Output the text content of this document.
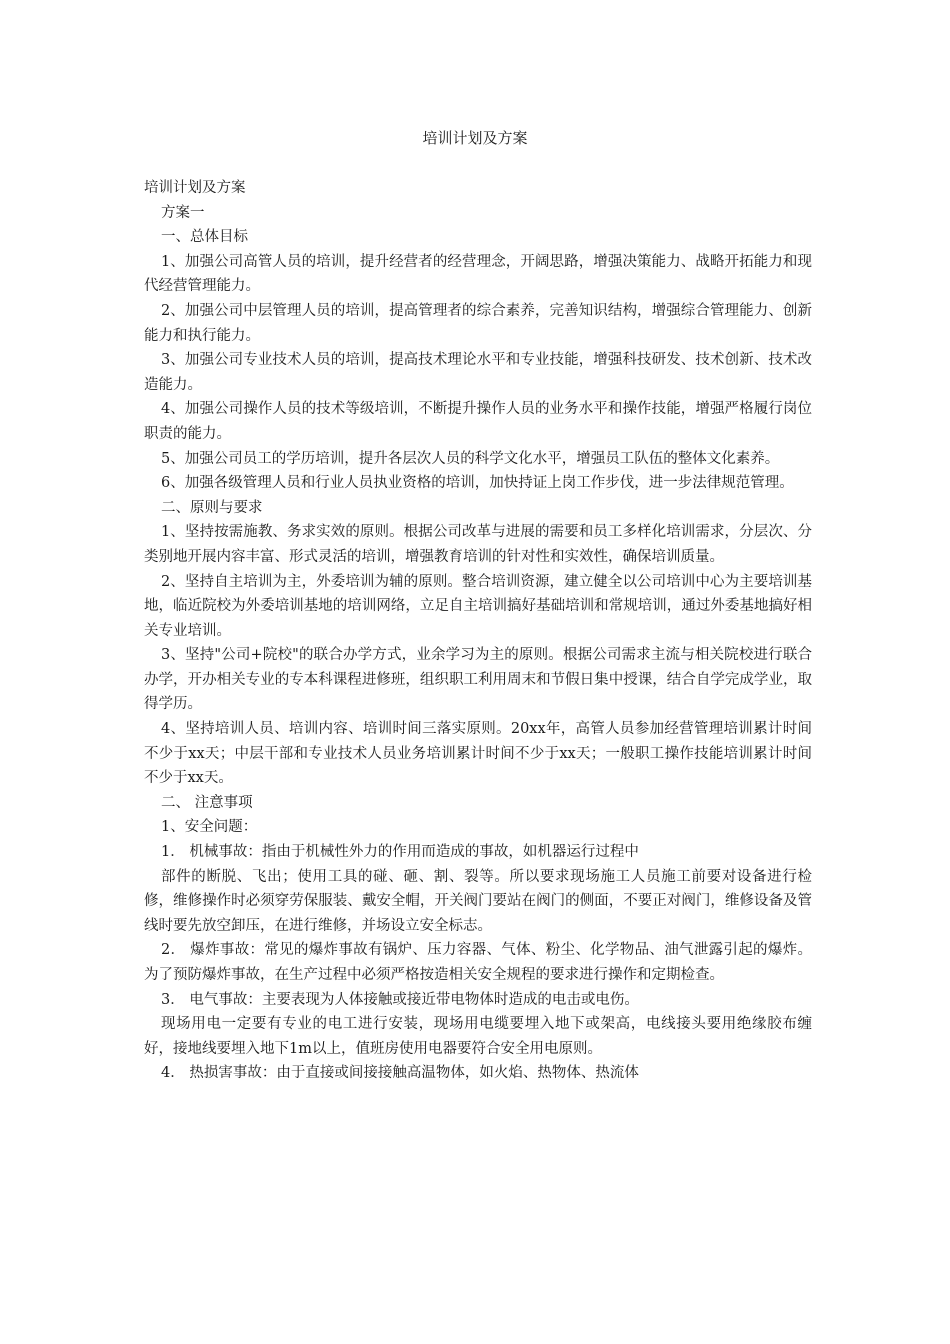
培训计划及方案

培训计划及方案

方案一

一、总体目标

1、加强公司高管人员的培训，提升经营者的经营理念，开阔思路，增强决策能力、战略开拓能力和现代经营管理能力。

2、加强公司中层管理人员的培训，提高管理者的综合素养，完善知识结构，增强综合管理能力、创新能力和执行能力。

3、加强公司专业技术人员的培训，提高技术理论水平和专业技能，增强科技研发、技术创新、技术改造能力。

4、加强公司操作人员的技术等级培训，不断提升操作人员的业务水平和操作技能，增强严格履行岗位职责的能力。

5、加强公司员工的学历培训，提升各层次人员的科学文化水平，增强员工队伍的整体文化素养。

6、加强各级管理人员和行业人员执业资格的培训，加快持证上岗工作步伐，进一步法律规范管理。

二、原则与要求

1、坚持按需施教、务求实效的原则。根据公司改革与进展的需要和员工多样化培训需求，分层次、分类别地开展内容丰富、形式灵活的培训，增强教育培训的针对性和实效性，确保培训质量。

2、坚持自主培训为主，外委培训为辅的原则。整合培训资源，建立健全以公司培训中心为主要培训基地，临近院校为外委培训基地的培训网络，立足自主培训搞好基础培训和常规培训，通过外委基地搞好相关专业培训。

3、坚持"公司+院校"的联合办学方式，业余学习为主的原则。根据公司需求主流与相关院校进行联合办学，开办相关专业的专本科课程进修班，组织职工利用周末和节假日集中授课，结合自学完成学业，取得学历。

4、坚持培训人员、培训内容、培训时间三落实原则。20xx年，高管人员参加经营管理培训累计时间不少于xx天；中层干部和专业技术人员业务培训累计时间不少于xx天；一般职工操作技能培训累计时间不少于xx天。

二、 注意事项

1、安全问题：

1． 机械事故：指由于机械性外力的作用而造成的事故，如机器运行过程中

部件的断脱、飞出；使用工具的碰、砸、割、裂等。所以要求现场施工人员施工前要对设备进行检修，维修操作时必须穿劳保服装、戴安全帽，开关阀门要站在阀门的侧面，不要正对阀门，维修设备及管线时要先放空卸压，在进行维修，并场设立安全标志。

2． 爆炸事故：常见的爆炸事故有锅炉、压力容器、气体、粉尘、化学物品、油气泄露引起的爆炸。为了预防爆炸事故，在生产过程中必须严格按造相关安全规程的要求进行操作和定期检查。

3． 电气事故：主要表现为人体接触或接近带电物体时造成的电击或电伤。

现场用电一定要有专业的电工进行安装，现场用电缆要埋入地下或架高，电线接头要用绝缘胶布缠好，接地线要埋入地下1m以上，值班房使用电器要符合安全用电原则。

4． 热损害事故：由于直接或间接接触高温物体，如火焰、热物体、热流体
